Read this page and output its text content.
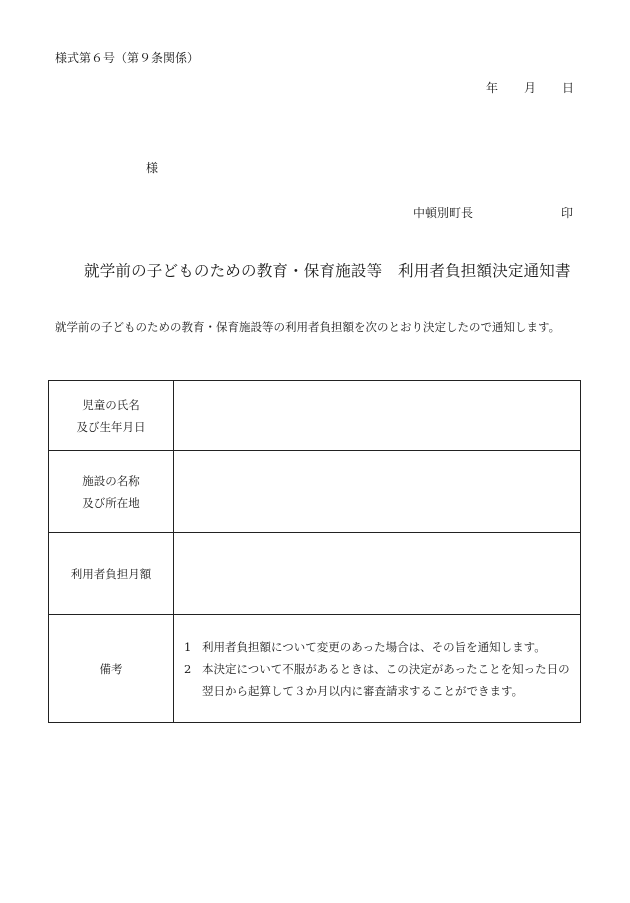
様式第６号（第９条関係）
年	月	日
様
中頓別町長	印
就学前の子どものための教育・保育施設等　利用者負担額決定通知書
就学前の子どものための教育・保育施設等の利用者負担額を次のとおり決定したので通知します。
児童の氏名
及び生年月日	

施設の名称
及び所在地	

利用者負担月額	

備考	1 利用者負担額について変更のあった場合は、その旨を通知します。
2 本決定について不服があるときは、この決定があったことを知った日の翌日から起算して３か月以内に審査請求することができます。
